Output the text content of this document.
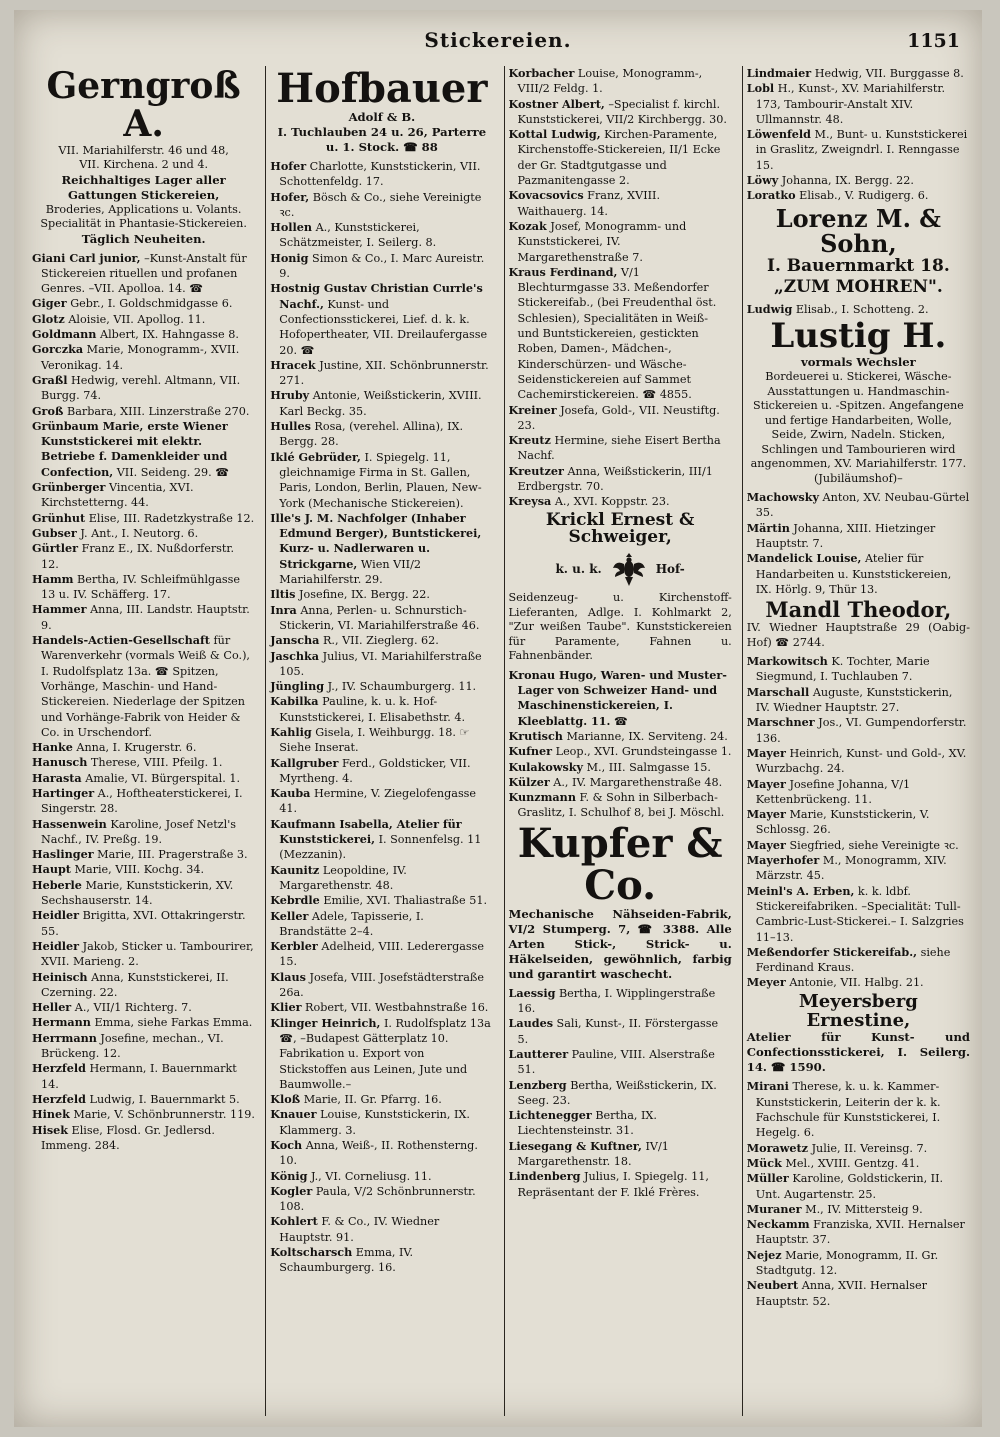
Stickereien.	1151
Gerngroß A.
VII. Mariahilferstr. 46 und 48,
VII. Kirchena. 2 und 4.
Reichhaltiges Lager aller Gattungen Stickereien,
Broderies, Applications u. Volants. Specialität in Phantasie-Stickereien.
Täglich Neuheiten.

Giani Carl junior, –Kunst-Anstalt für Stickereien rituellen und profanen Genres. –VII. Apolloa. 14. ☎

Giger Gebr., I. Goldschmidgasse 6.

Glotz Aloisie, VII. Apollog. 11.

Goldmann Albert, IX. Hahngasse 8.

Gorczka Marie, Monogramm-, XVII. Veronikag. 14.

Graßl Hedwig, verehl. Altmann, VII. Burgg. 74.

Groß Barbara, XIII. Linzerstraße 270.

Grünbaum Marie, erste Wiener Kunststickerei mit elektr. Betriebe f. Damenkleider und Confection, VII. Seideng. 29. ☎

Grünberger Vincentia, XVI. Kirchstetterng. 44.

Grünhut Elise, III. Radetzkystraße 12.

Gubser J. Ant., I. Neutorg. 6.

Gürtler Franz E., IX. Nußdorferstr. 12.

Hamm Bertha, IV. Schleifmühlgasse 13 u. IV. Schäfferg. 17.

Hammer Anna, III. Landstr. Hauptstr. 9.

Handels-Actien-Gesellschaft für Warenverkehr (vormals Weiß & Co.), I. Rudolfsplatz 13a. ☎ Spitzen, Vorhänge, Maschin- und Hand-Stickereien. Niederlage der Spitzen und Vorhänge-Fabrik von Heider & Co. in Urschendorf.

Hanke Anna, I. Krugerstr. 6.

Hanusch Therese, VIII. Pfeilg. 1.

Harasta Amalie, VI. Bürgerspital. 1.

Hartinger A., Hoftheaterstickerei, I. Singerstr. 28.

Hassenwein Karoline, Josef Netzl's Nachf., IV. Preßg. 19.

Haslinger Marie, III. Pragerstraße 3.

Haupt Marie, VIII. Kochg. 34.

Heberle Marie, Kunststickerin, XV. Sechshauserstr. 14.

Heidler Brigitta, XVI. Ottakringerstr. 55.

Heidler Jakob, Sticker u. Tambourirer, XVII. Marieng. 2.

Heinisch Anna, Kunststickerei, II. Czerning. 22.

Heller A., VII/1 Richterg. 7.

Hermann Emma, siehe Farkas Emma.

Herrmann Josefine, mechan., VI. Brückeng. 12.

Herzfeld Hermann, I. Bauernmarkt 14.

Herzfeld Ludwig, I. Bauernmarkt 5.

Hinek Marie, V. Schönbrunnerstr. 119.

Hisek Elise, Flosd. Gr. Jedlersd. Immeng. 284.

Hofbauer
Adolf & B.
I. Tuchlauben 24 u. 26, Parterre u. 1. Stock. ☎ 88

Hofer Charlotte, Kunststickerin, VII. Schottenfeldg. 17.

Hofer, Bösch & Co., siehe Vereinigte ꝛc.

Hollen A., Kunststickerei, Schätzmeister, I. Seilerg. 8.

Honig Simon & Co., I. Marc Aureistr. 9.

Hostnig Gustav Christian Currle's Nachf., Kunst- und Confectionsstickerei, Lief. d. k. k. Hofopertheater, VII. Dreilaufergasse 20. ☎

Hracek Justine, XII. Schönbrunnerstr. 271.

Hruby Antonie, Weißstickerin, XVIII. Karl Beckg. 35.

Hulles Rosa, (verehel. Allina), IX. Bergg. 28.

Iklé Gebrüder, I. Spiegelg. 11, gleichnamige Firma in St. Gallen, Paris, London, Berlin, Plauen, New-York (Mechanische Stickereien).

Ille's J. M. Nachfolger (Inhaber Edmund Berger), Buntstickerei, Kurz- u. Nadlerwaren u. Strickgarne, Wien VII/2 Mariahilferstr. 29.

Iltis Josefine, IX. Bergg. 22.

Inra Anna, Perlen- u. Schnurstich-Stickerin, VI. Mariahilferstraße 46.

Janscha R., VII. Zieglerg. 62.

Jaschka Julius, VI. Mariahilferstraße 105.

Jüngling J., IV. Schaumburgerg. 11.

Kabilka Pauline, k. u. k. Hof-Kunststickerei, I. Elisabethstr. 4.

Kahlig Gisela, I. Weihburgg. 18. ☞ Siehe Inserat.

Kallgruber Ferd., Goldsticker, VII. Myrtheng. 4.

Kauba Hermine, V. Ziegelofengasse 41.

Kaufmann Isabella, Atelier für Kunststickerei, I. Sonnenfelsg. 11 (Mezzanin).

Kaunitz Leopoldine, IV. Margarethenstr. 48.

Kebrdle Emilie, XVI. Thaliastraße 51.

Keller Adele, Tapisserie, I. Brandstätte 2–4.

Kerbler Adelheid, VIII. Lederergasse 15.

Klaus Josefa, VIII. Josefstädterstraße 26a.

Klier Robert, VII. Westbahnstraße 16.

Klinger Heinrich, I. Rudolfsplatz 13a ☎, –Budapest Gätterplatz 10. Fabrikation u. Export von Stickstoffen aus Leinen, Jute und Baumwolle.–

Kloß Marie, II. Gr. Pfarrg. 16.

Knauer Louise, Kunststickerin, IX. Klammerg. 3.

Koch Anna, Weiß-, II. Rothensterng. 10.

König J., VI. Corneliusg. 11.

Kogler Paula, V/2 Schönbrunnerstr. 108.

Kohlert F. & Co., IV. Wiedner Hauptstr. 91.

Koltscharsch Emma, IV. Schaumburgerg. 16.

Korbacher Louise, Monogramm-, VIII/2 Feldg. 1.

Kostner Albert, –Specialist f. kirchl. Kunststickerei, VII/2 Kirchbergg. 30.

Kottal Ludwig, Kirchen-Paramente, Kirchenstoffe-Stickereien, II/1 Ecke der Gr. Stadtgutgasse und Pazmanitengasse 2.

Kovacsovics Franz, XVIII. Waithauerg. 14.

Kozak Josef, Monogramm- und Kunststickerei, IV. Margarethenstraße 7.

Kraus Ferdinand, V/1 Blechturmgasse 33. Meßendorfer Stickereifab., (bei Freudenthal öst. Schlesien), Specialitäten in Weiß- und Buntstickereien, gestickten Roben, Damen-, Mädchen-, Kinderschürzen- und Wäsche-Seidenstickereien auf Sammet Cachemirstickereien. ☎ 4855.

Kreiner Josefa, Gold-, VII. Neustiftg. 23.

Kreutz Hermine, siehe Eisert Bertha Nachf.

Kreutzer Anna, Weißstickerin, III/1 Erdbergstr. 70.

Kreysa A., XVI. Koppstr. 23.

Krickl Ernest & Schweiger,
k. u. k.	Hof-
Seidenzeug- u. Kirchenstoff-Lieferanten, Adlge. I. Kohlmarkt 2, "Zur weißen Taube". Kunststickereien für Paramente, Fahnen u. Fahnenbänder.

Kronau Hugo, Waren- und Muster-Lager von Schweizer Hand- und Maschinenstickereien, I. Kleeblattg. 11. ☎

Krutisch Marianne, IX. Serviteng. 24.

Kufner Leop., XVI. Grundsteingasse 1.

Kulakowsky M., III. Salmgasse 15.

Külzer A., IV. Margarethenstraße 48.

Kunzmann F. & Sohn in Silberbach-Graslitz, I. Schulhof 8, bei J. Möschl.

Kupfer & Co.
Mechanische Nähseiden-Fabrik, VI/2 Stumperg. 7, ☎ 3388. Alle Arten Stick-, Strick- u. Häkelseiden, gewöhnlich, farbig und garantirt waschecht.

Laessig Bertha, I. Wipplingerstraße 16.

Laudes Sali, Kunst-, II. Förstergasse 5.

Lautterer Pauline, VIII. Alserstraße 51.

Lenzberg Bertha, Weißstickerin, IX. Seeg. 23.

Lichtenegger Bertha, IX. Liechtensteinstr. 31.

Liesegang & Kuftner, IV/1 Margarethenstr. 18.

Lindenberg Julius, I. Spiegelg. 11, Repräsentant der F. Iklé Frères.

Lindmaier Hedwig, VII. Burggasse 8.

Lobl H., Kunst-, XV. Mariahilferstr. 173, Tambourir-Anstalt XIV. Ullmannstr. 48.

Löwenfeld M., Bunt- u. Kunststickerei in Graslitz, Zweigndrl. I. Renngasse 15.

Löwy Johanna, IX. Bergg. 22.

Loratko Elisab., V. Rudigerg. 6.

Lorenz M. & Sohn,
I. Bauernmarkt 18.
„ZUM MOHREN".

Ludwig Elisab., I. Schotteng. 2.

Lustig H.
vormals Wechsler
Bordeuerei u. Stickerei, Wäsche-Ausstattungen u. Handmaschin-Stickereien u. -Spitzen. Angefangene und fertige Handarbeiten, Wolle, Seide, Zwirn, Nadeln. Sticken, Schlingen und Tambourieren wird angenommen, XV. Mariahilferstr. 177. (Jubiläumshof)–

Machowsky Anton, XV. Neubau-Gürtel 35.

Märtin Johanna, XIII. Hietzinger Hauptstr. 7.

Mandelick Louise, Atelier für Handarbeiten u. Kunststickereien, IX. Hörlg. 9, Thür 13.

Mandl Theodor,
IV. Wiedner Hauptstraße 29 (Oabig-Hof) ☎ 2744.

Markowitsch K. Tochter, Marie Siegmund, I. Tuchlauben 7.

Marschall Auguste, Kunststickerin, IV. Wiedner Hauptstr. 27.

Marschner Jos., VI. Gumpendorferstr. 136.

Mayer Heinrich, Kunst- und Gold-, XV. Wurzbachg. 24.

Mayer Josefine Johanna, V/1 Kettenbrückeng. 11.

Mayer Marie, Kunststickerin, V. Schlossg. 26.

Mayer Siegfried, siehe Vereinigte ꝛc.

Mayerhofer M., Monogramm, XIV. Märzstr. 45.

Meinl's A. Erben, k. k. ldbf. Stickereifabriken. –Specialität: Tull-Cambric-Lust-Stickerei.– I. Salzgries 11–13.

Meßendorfer Stickereifab., siehe Ferdinand Kraus.

Meyer Antonie, VII. Halbg. 21.

Meyersberg Ernestine,
Atelier für Kunst- und Confectionsstickerei, I. Seilerg. 14. ☎ 1590.

Mirani Therese, k. u. k. Kammer-Kunststickerin, Leiterin der k. k. Fachschule für Kunststickerei, I. Hegelg. 6.

Morawetz Julie, II. Vereinsg. 7.

Mück Mel., XVIII. Gentzg. 41.

Müller Karoline, Goldstickerin, II. Unt. Augartenstr. 25.

Muraner M., IV. Mittersteig 9.

Neckamm Franziska, XVII. Hernalser Hauptstr. 37.

Nejez Marie, Monogramm, II. Gr. Stadtgutg. 12.

Neubert Anna, XVII. Hernalser Hauptstr. 52.
